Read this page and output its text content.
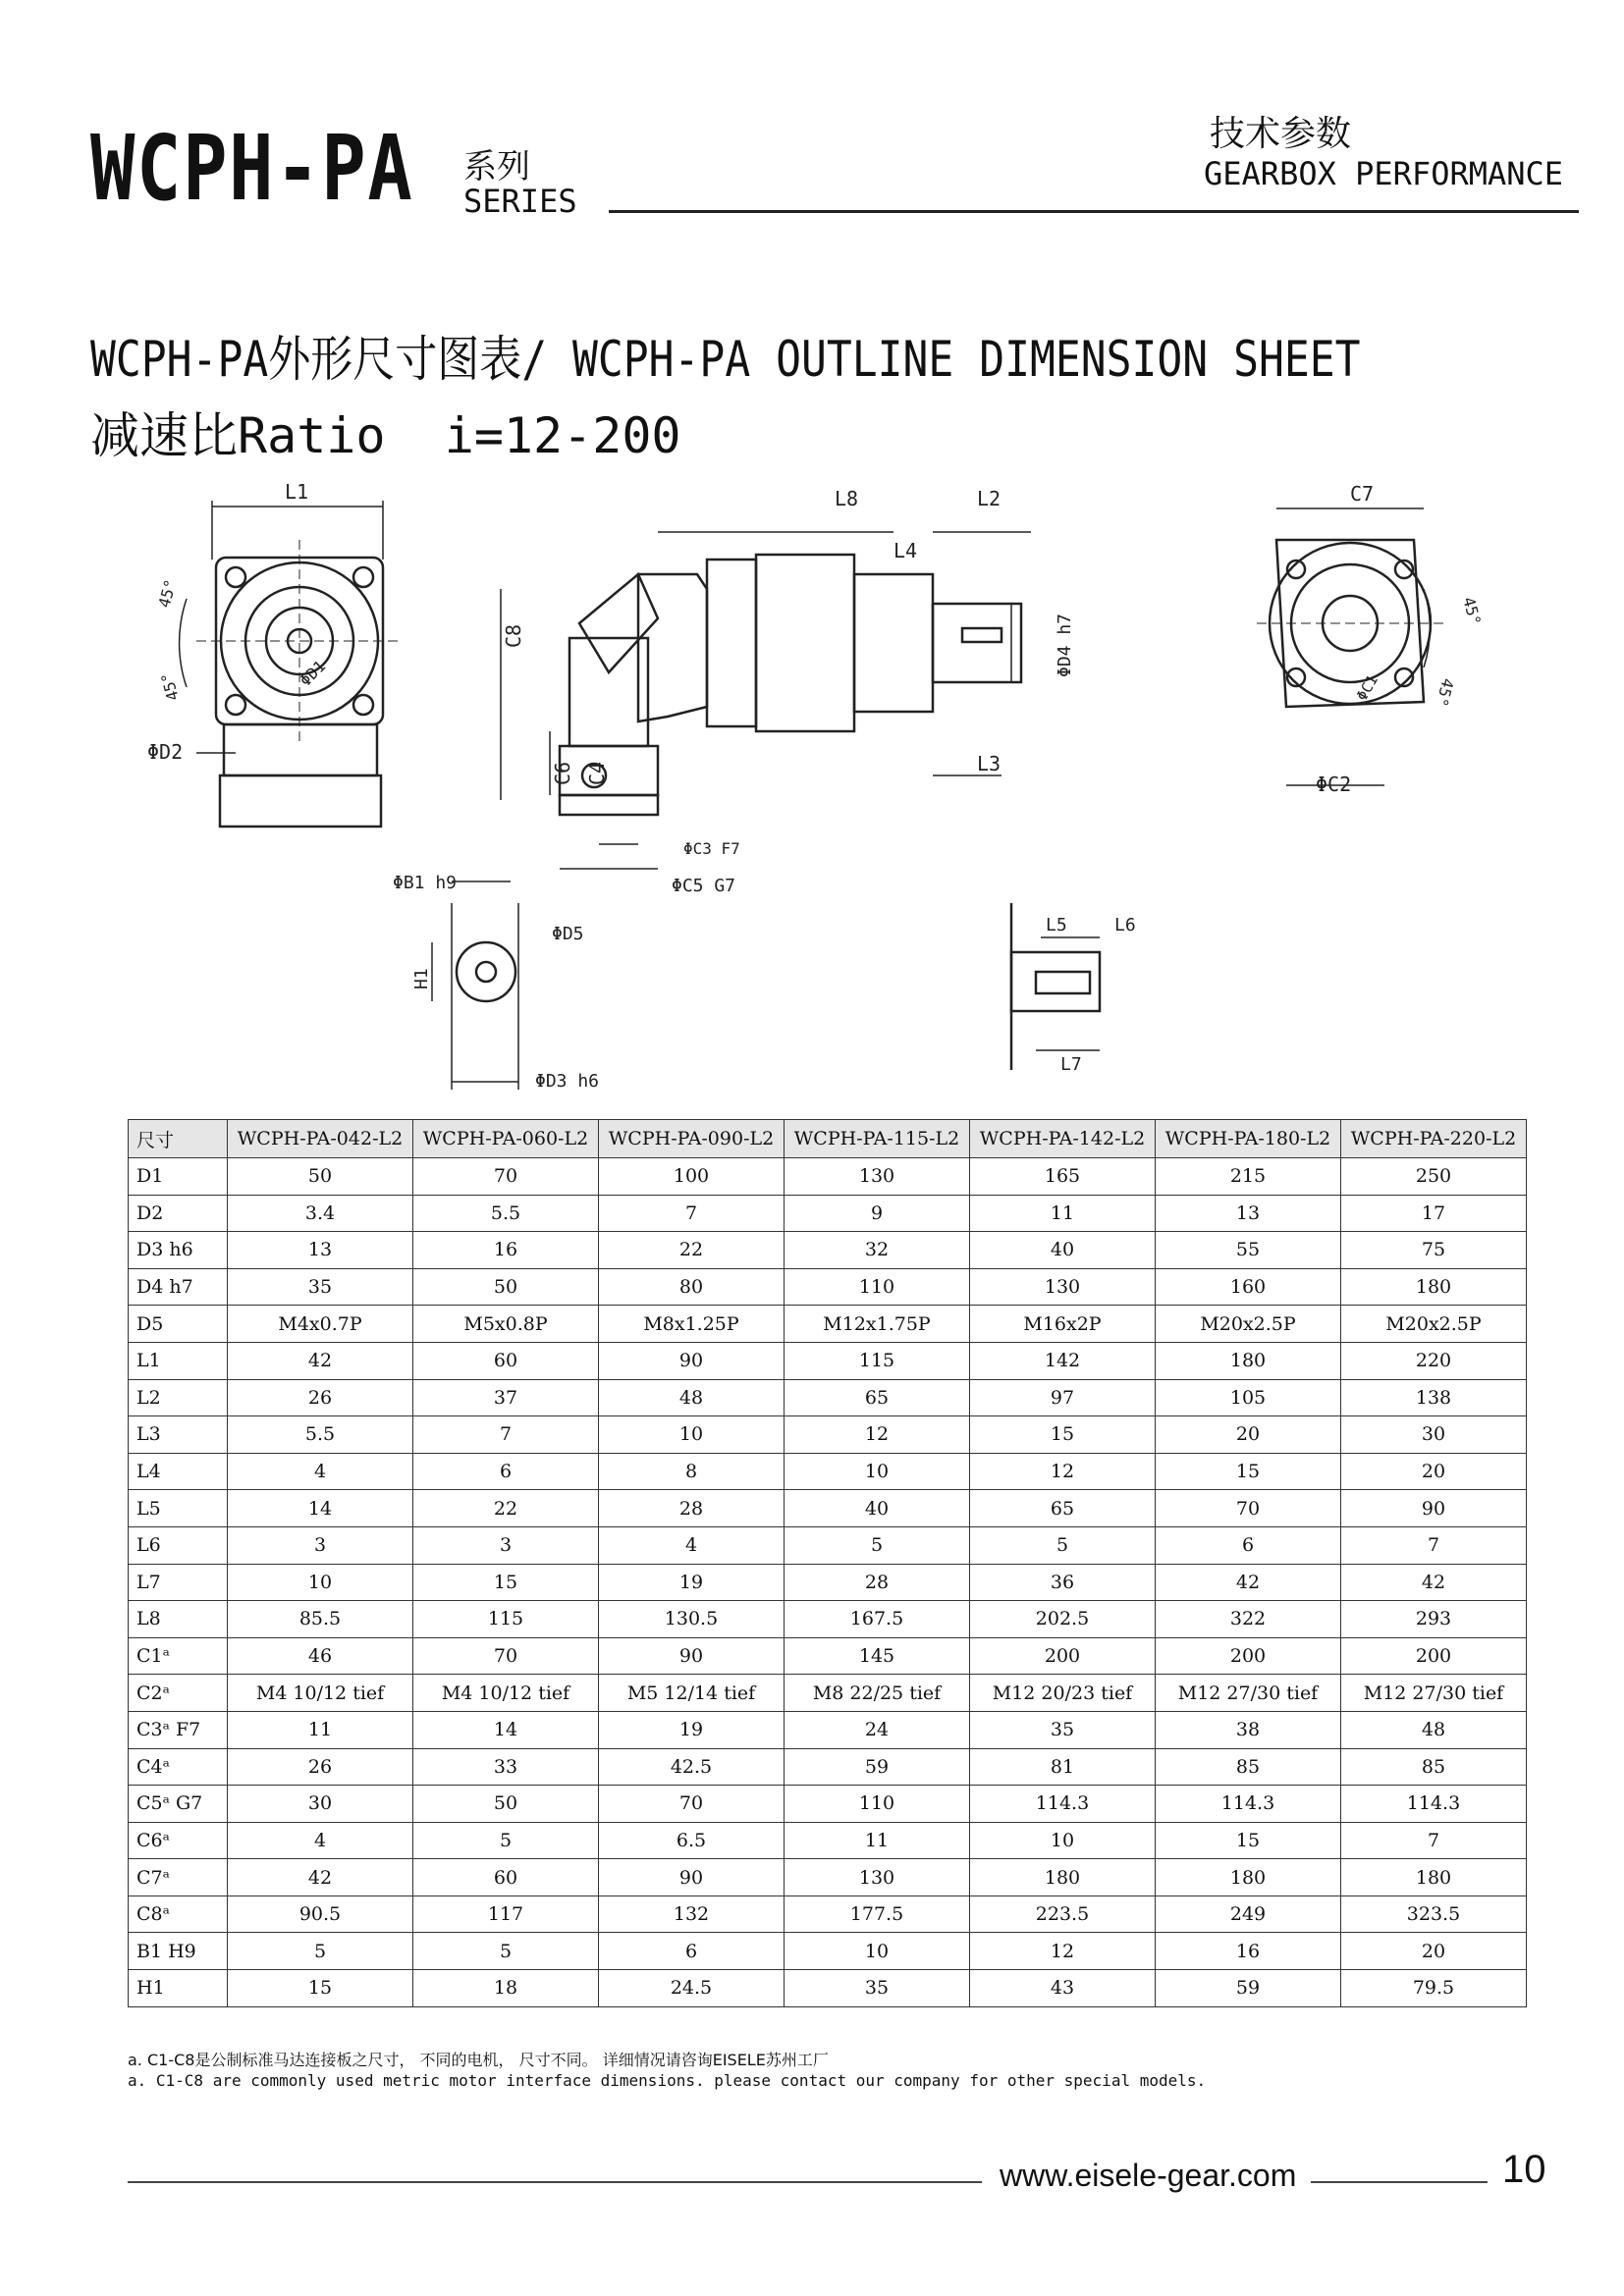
WCPH-PA 系列
SERIES
技术参数
GEARBOX PERFORMANCE
WCPH-PA外形尺寸图表/ WCPH-PA OUTLINE DIMENSION SHEET
减速比Ratio  i=12-200
L1
ΦD1
ΦD2
45°
45°
L8	L2
L4
ΦD4 h7
C8
C6 C4	L3
ΦC3 F7
ΦC5 G7
C7
ΦC1
ΦC2
45°
45°
ΦB1 h9
ΦD5
H1
ΦD3 h6
L5	L6
L7
尺寸	WCPH-PA-042-L2	WCPH-PA-060-L2	WCPH-PA-090-L2	WCPH-PA-115-L2	WCPH-PA-142-L2	WCPH-PA-180-L2	WCPH-PA-220-L2
D1	50	70	100	130	165	215	250
D2	3.4	5.5	7	9	11	13	17
D3 h6	13	16	22	32	40	55	75
D4 h7	35	50	80	110	130	160	180
D5	M4x0.7P	M5x0.8P	M8x1.25P	M12x1.75P	M16x2P	M20x2.5P	M20x2.5P
L1	42	60	90	115	142	180	220
L2	26	37	48	65	97	105	138
L3	5.5	7	10	12	15	20	30
L4	4	6	8	10	12	15	20
L5	14	22	28	40	65	70	90
L6	3	3	4	5	5	6	7
L7	10	15	19	28	36	42	42
L8	85.5	115	130.5	167.5	202.5	322	293
C1ᵃ	46	70	90	145	200	200	200
C2ᵃ	M4 10/12 tief	M4 10/12 tief	M5 12/14 tief	M8 22/25 tief	M12 20/23 tief	M12 27/30 tief	M12 27/30 tief
C3ᵃ F7	11	14	19	24	35	38	48
C4ᵃ	26	33	42.5	59	81	85	85
C5ᵃ G7	30	50	70	110	114.3	114.3	114.3
C6ᵃ	4	5	6.5	11	10	15	7
C7ᵃ	42	60	90	130	180	180	180
C8ᵃ	90.5	117	132	177.5	223.5	249	323.5
B1 H9	5	5	6	10	12	16	20
H1	15	18	24.5	35	43	59	79.5
a. C1-C8是公制标准马达连接板之尺寸， 不同的电机， 尺寸不同。 详细情况请咨询EISELE苏州工厂
a. C1-C8 are commonly used metric motor interface dimensions. please contact our company for other special models.
www.eisele-gear.com	10
